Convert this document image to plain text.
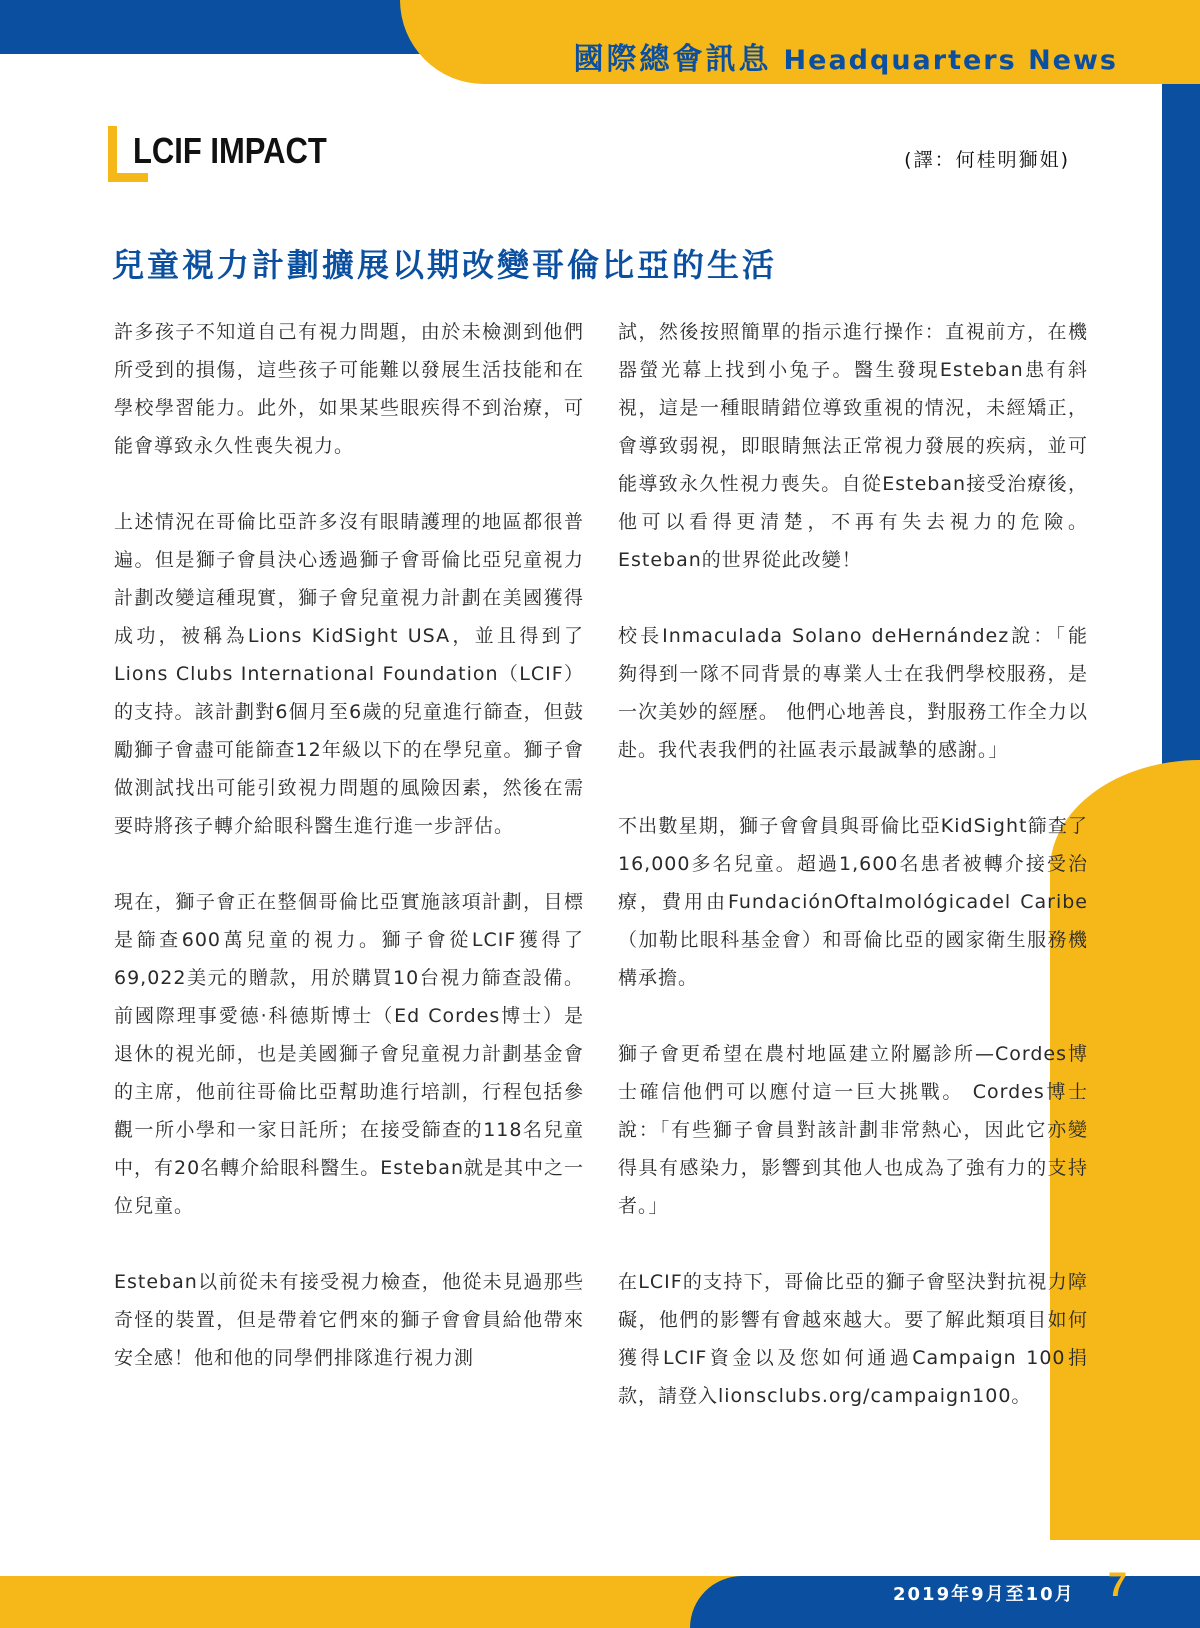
國際總會訊息 Headquarters News
LCIF IMPACT	(譯：何桂明獅姐)
兒童視力計劃擴展以期改變哥倫比亞的生活

許多孩子不知道自己有視力問題，由於未檢測到他們所受到的損傷，這些孩子可能難以發展生活技能和在學校學習能力。此外，如果某些眼疾得不到治療，可能會導致永久性喪失視力。

上述情況在哥倫比亞許多沒有眼睛護理的地區都很普遍。但是獅子會員決心透過獅子會哥倫比亞兒童視力計劃改變這種現實，獅子會兒童視力計劃在美國獲得成功，被稱為Lions KidSight USA，並且得到了Lions Clubs International Foundation（LCIF）的支持。該計劃對6個月至6歲的兒童進行篩查，但鼓勵獅子會盡可能篩查12年級以下的在學兒童。獅子會做測試找出可能引致視力問題的風險因素，然後在需要時將孩子轉介給眼科醫生進行進一步評估。

現在，獅子會正在整個哥倫比亞實施該項計劃，目標是篩查600萬兒童的視力。獅子會從LCIF獲得了69,022美元的贈款，用於購買10台視力篩查設備。前國際理事愛德·科德斯博士（Ed Cordes博士）是退休的視光師，也是美國獅子會兒童視力計劃基金會的主席，他前往哥倫比亞幫助進行培訓，行程包括參觀一所小學和一家日託所；在接受篩查的118名兒童中，有20名轉介給眼科醫生。Esteban就是其中之一位兒童。

Esteban以前從未有接受視力檢查，他從未見過那些奇怪的裝置，但是帶着它們來的獅子會會員給他帶來安全感！他和他的同學們排隊進行視力測

試，然後按照簡單的指示進行操作：直視前方，在機器螢光幕上找到小兔子。醫生發現Esteban患有斜視，這是一種眼睛錯位導致重視的情況，未經矯正，會導致弱視，即眼睛無法正常視力發展的疾病，並可能導致永久性視力喪失。自從Esteban接受治療後，他可以看得更清楚，不再有失去視力的危險。Esteban的世界從此改變！

校長Inmaculada Solano deHernández說：「能夠得到一隊不同背景的專業人士在我們學校服務，是一次美妙的經歷。 他們心地善良，對服務工作全力以赴。我代表我們的社區表示最誠摯的感謝。」

不出數星期，獅子會會員與哥倫比亞KidSight篩查了16,000多名兒童。超過1,600名患者被轉介接受治療，費用由FundaciónOftalmológicadel Caribe（加勒比眼科基金會）和哥倫比亞的國家衛生服務機構承擔。

獅子會更希望在農村地區建立附屬診所—Cordes博士確信他們可以應付這一巨大挑戰。 Cordes博士說：「有些獅子會員對該計劃非常熱心，因此它亦變得具有感染力，影響到其他人也成為了強有力的支持者。」

在LCIF的支持下，哥倫比亞的獅子會堅決對抗視力障礙，他們的影響有會越來越大。要了解此類項目如何獲得LCIF資金以及您如何通過Campaign 100捐款，請登入lionsclubs.org/campaign100。

2019年9月至10月 7
